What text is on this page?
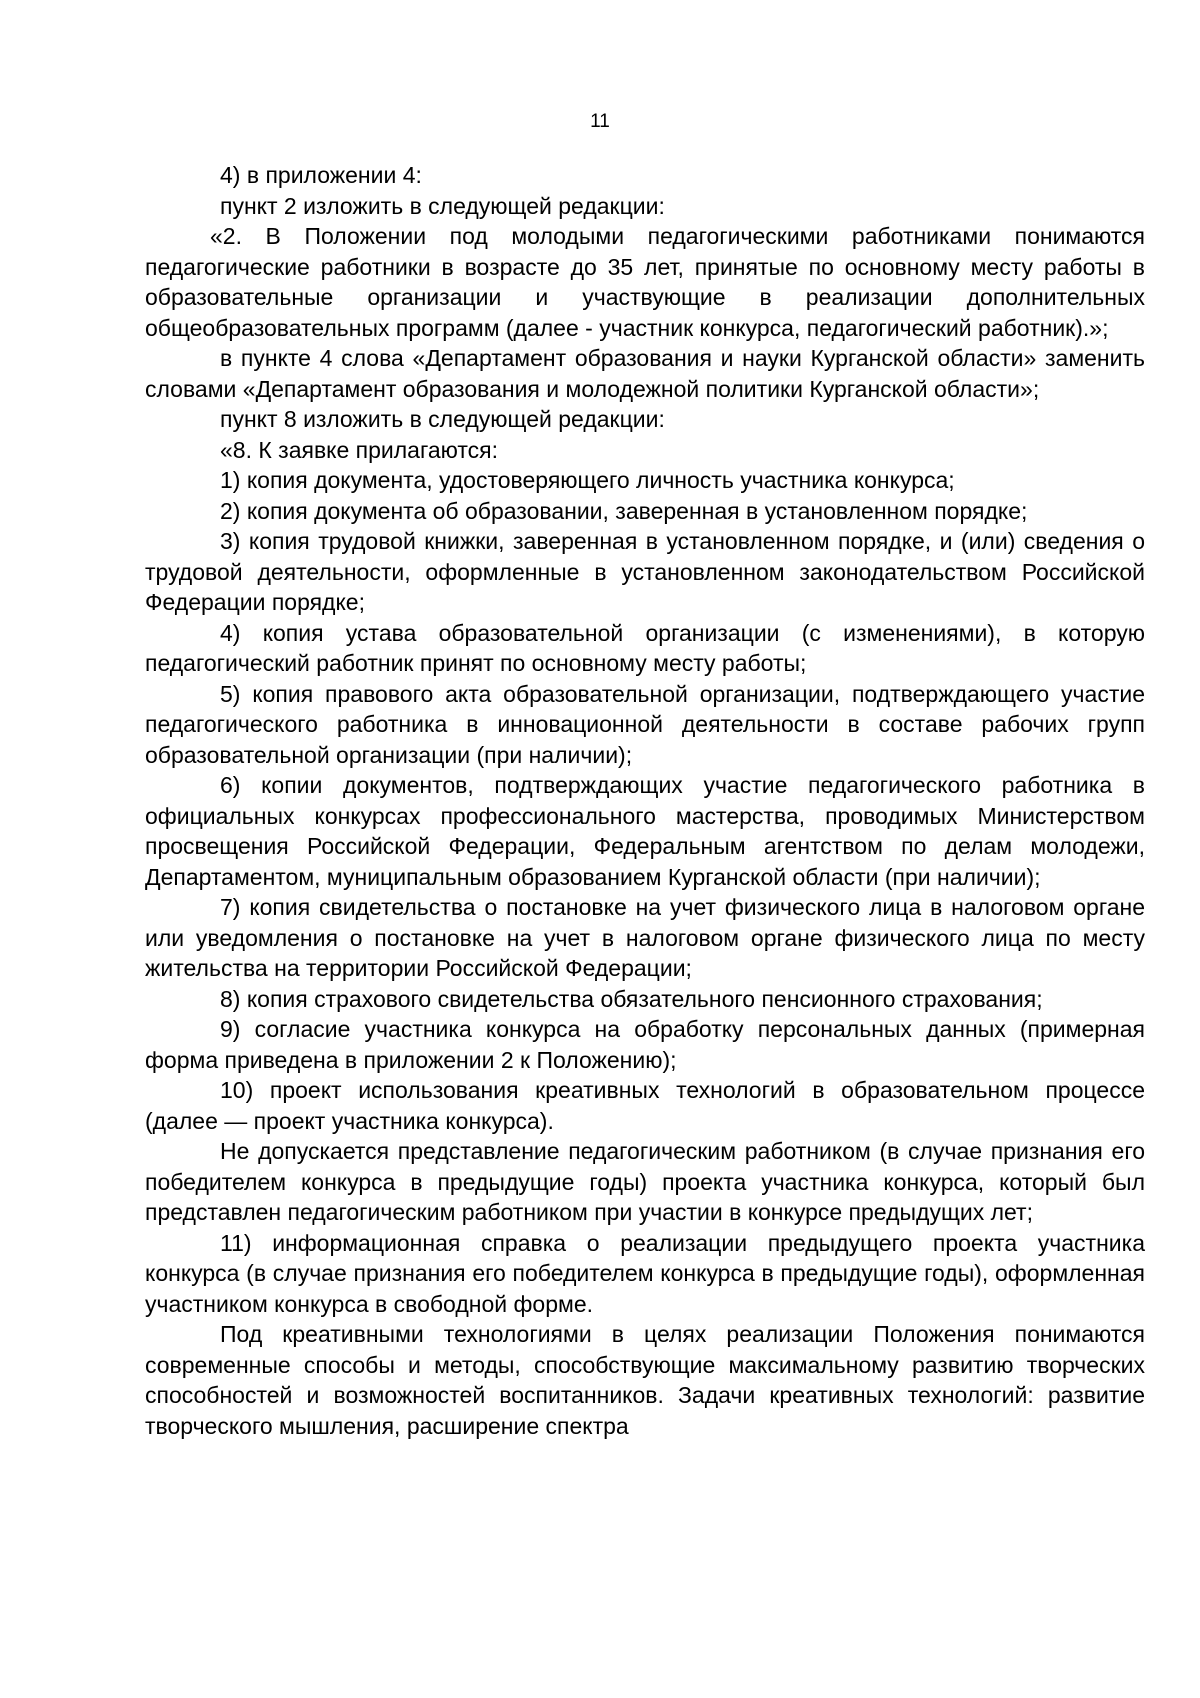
11

4) в приложении 4:

пункт 2 изложить в следующей редакции:

«2. В Положении под молодыми педагогическими работниками понимаются педагогические работники в возрасте до 35 лет, принятые по основному месту работы в образовательные организации и участвующие в реализации дополнительных общеобразовательных программ (далее - участник конкурса, педагогический работник).»;

в пункте 4 слова «Департамент образования и науки Курганской области» заменить словами «Департамент образования и молодежной политики Курганской области»;

пункт 8 изложить в следующей редакции:

«8. К заявке прилагаются:

1) копия документа, удостоверяющего личность участника конкурса;

2) копия документа об образовании, заверенная в установленном порядке;

3) копия трудовой книжки, заверенная в установленном порядке, и (или) сведения о трудовой деятельности, оформленные в установленном законодательством Российской Федерации порядке;

4) копия устава образовательной организации (с изменениями), в которую педагогический работник принят по основному месту работы;

5) копия правового акта образовательной организации, подтверждающего участие педагогического работника в инновационной деятельности в составе рабочих групп образовательной организации (при наличии);

6) копии документов, подтверждающих участие педагогического работника в официальных конкурсах профессионального мастерства, проводимых Министерством просвещения Российской Федерации, Федеральным агентством по делам молодежи, Департаментом, муниципальным образованием Курганской области (при наличии);

7) копия свидетельства о постановке на учет физического лица в налоговом органе или уведомления о постановке на учет в налоговом органе физического лица по месту жительства на территории Российской Федерации;

8) копия страхового свидетельства обязательного пенсионного страхования;

9) согласие участника конкурса на обработку персональных данных (примерная форма приведена в приложении 2 к Положению);

10) проект использования креативных технологий в образовательном процессе (далее — проект участника конкурса).

Не допускается представление педагогическим работником (в случае признания его победителем конкурса в предыдущие годы) проекта участника конкурса, который был представлен педагогическим работником при участии в конкурсе предыдущих лет;

11) информационная справка о реализации предыдущего проекта участника конкурса (в случае признания его победителем конкурса в предыдущие годы), оформленная участником конкурса в свободной форме.

Под креативными технологиями в целях реализации Положения понимаются современные способы и методы, способствующие максимальному развитию творческих способностей и возможностей воспитанников. Задачи креативных технологий: развитие творческого мышления, расширение спектра
